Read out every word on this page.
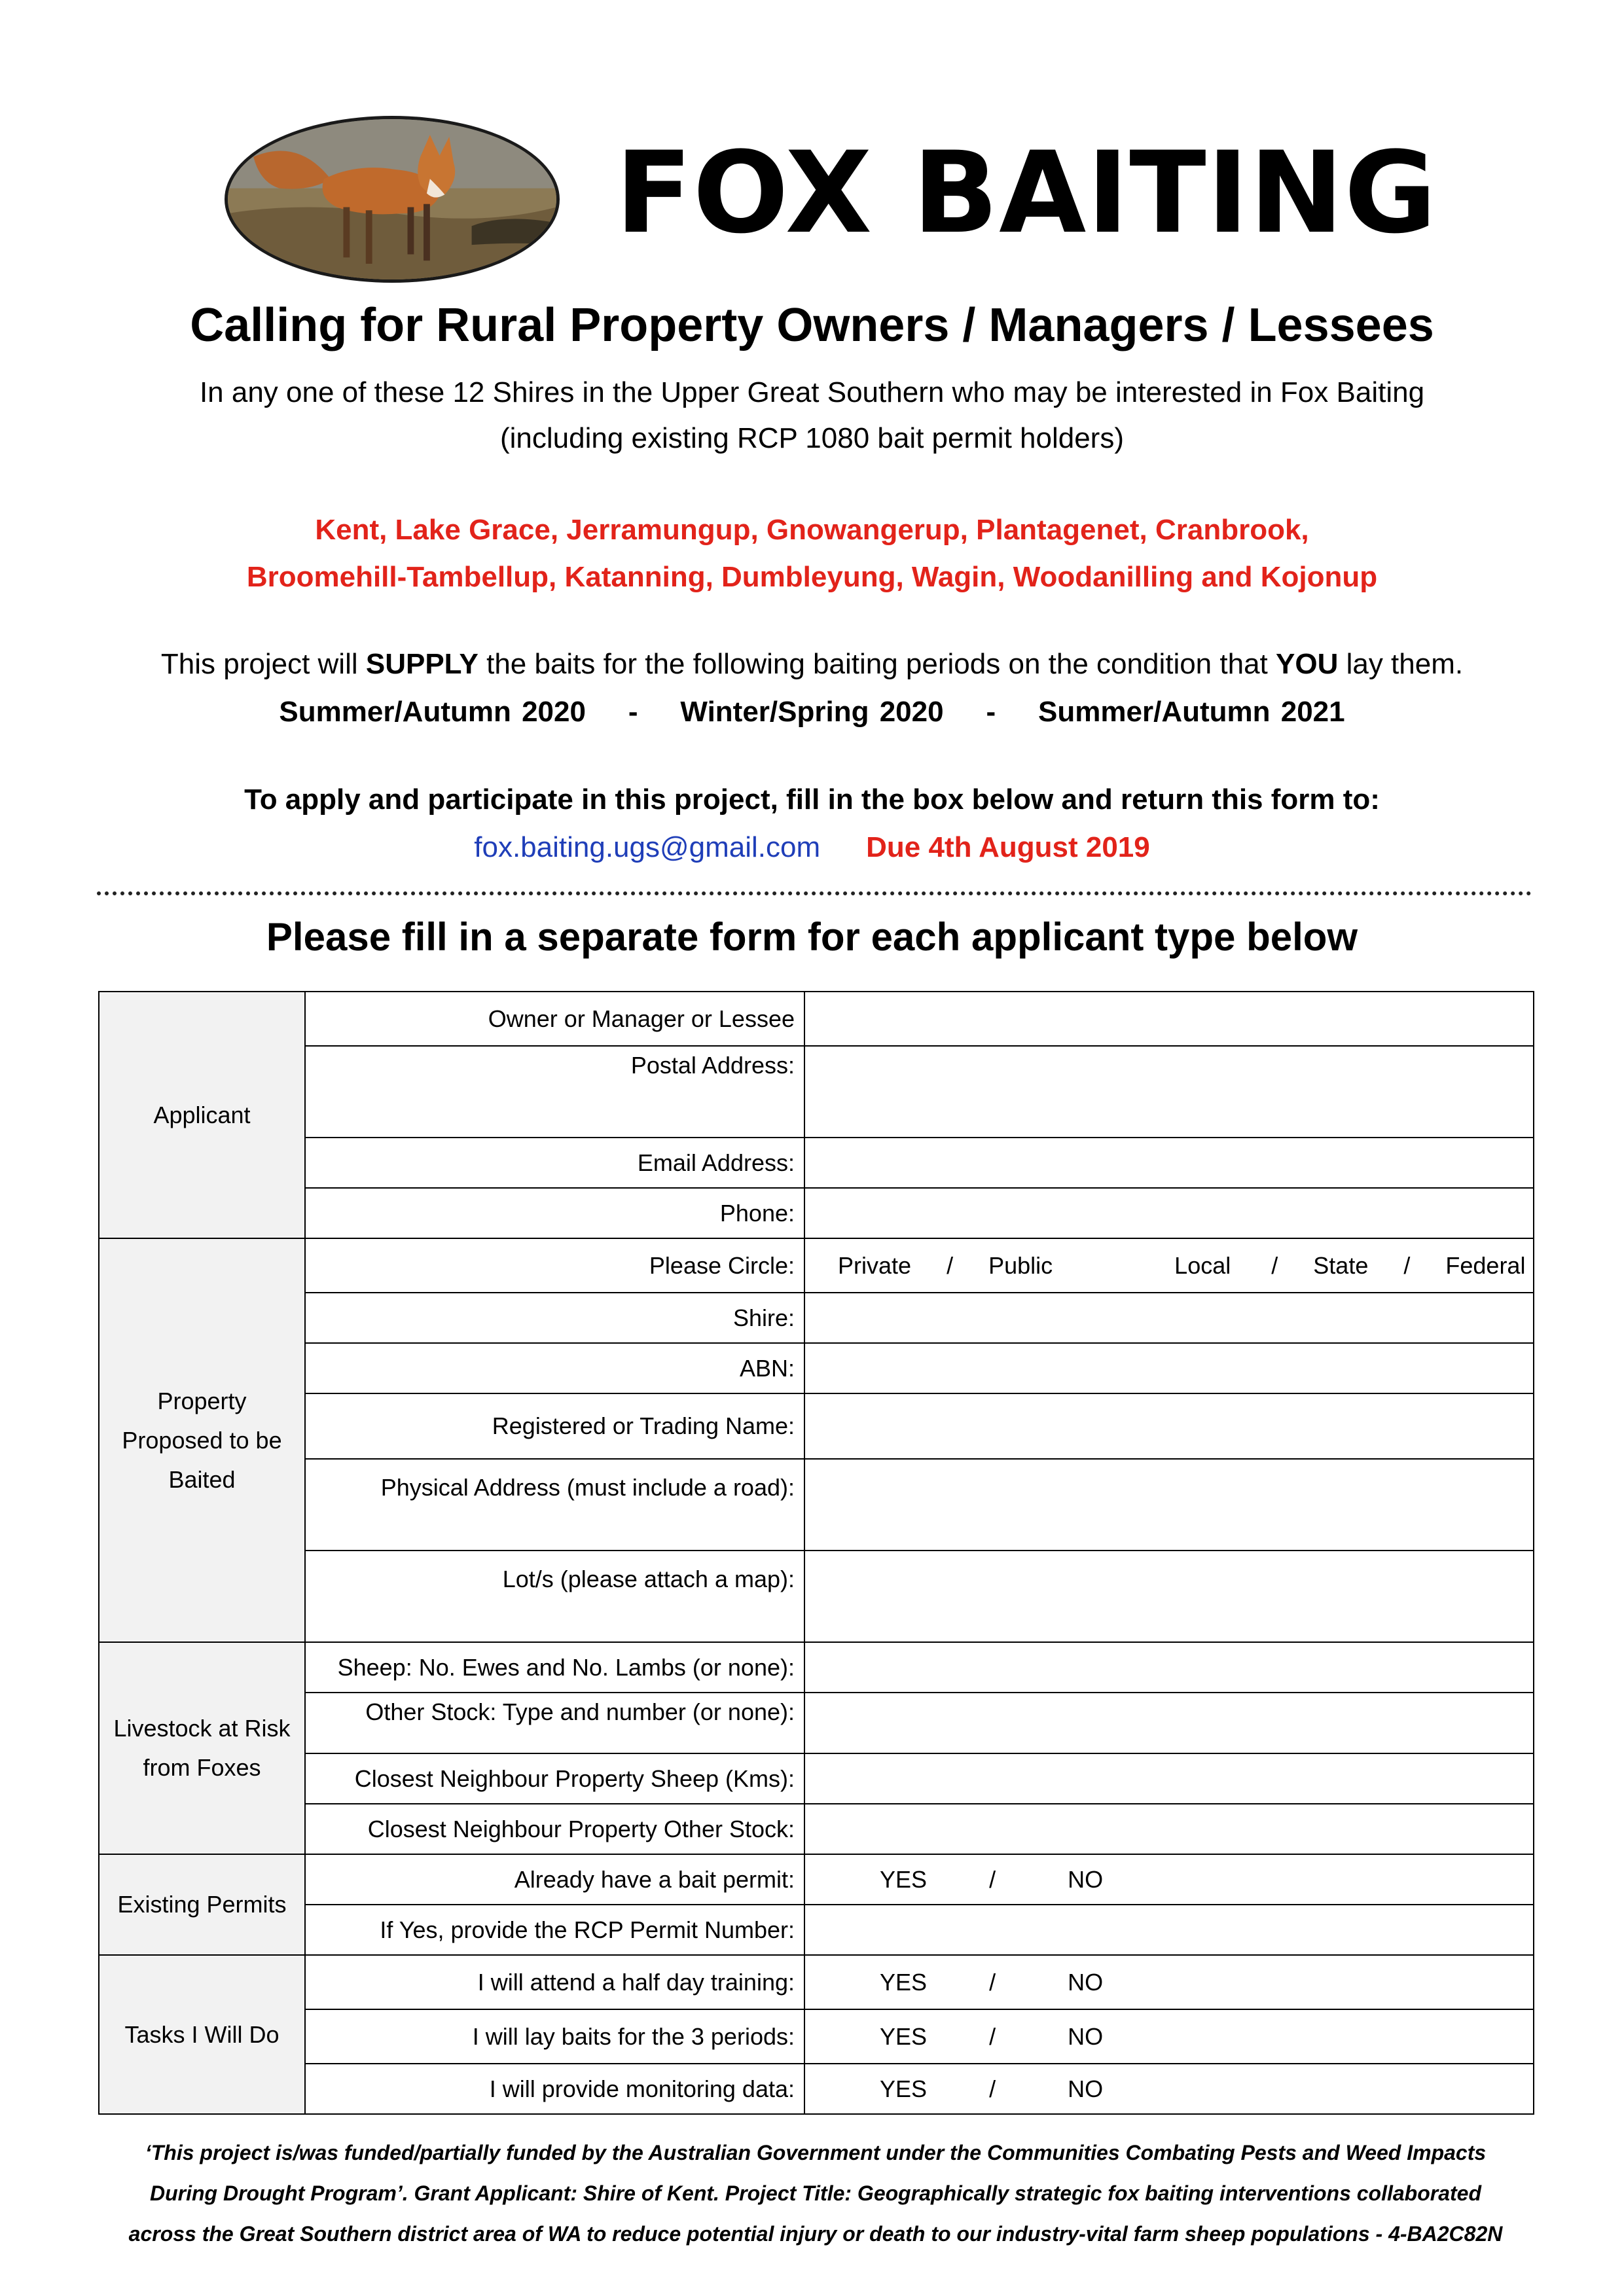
FOX BAITING
Calling for Rural Property Owners / Managers / Lessees
In any one of these 12 Shires in the Upper Great Southern who may be interested in Fox Baiting
(including existing RCP 1080 bait permit holders)
Kent, Lake Grace, Jerramungup, Gnowangerup, Plantagenet, Cranbrook,
Broomehill-Tambellup, Katanning, Dumbleyung, Wagin, Woodanilling and Kojonup
This project will SUPPLY the baits for the following baiting periods on the condition that YOU lay them.
Summer/Autumn 2020 - Winter/Spring 2020 - Summer/Autumn 2021
To apply and participate in this project, fill in the box below and return this form to:
fox.baiting.ugs@gmail.com Due 4th August 2019
Please fill in a separate form for each applicant type below
Applicant	Owner or Manager or Lessee	
	Postal Address:	
	Email Address:	
	Phone:	

Property
Proposed to be
Baited	Please Circle:	Private / Public Local / State / Federal
	Shire:	
	ABN:	
	Registered or Trading Name:	
	Physical Address (must include a road):	
	Lot/s (please attach a map):	

Livestock at Risk
from Foxes	Sheep: No. Ewes and No. Lambs (or none):	
	Other Stock: Type and number (or none):	
	Closest Neighbour Property Sheep (Kms):	
	Closest Neighbour Property Other Stock:	
Existing Permits	Already have a bait permit:	YES / NO
	If Yes, provide the RCP Permit Number:	
Tasks I Will Do	I will attend a half day training:	YES / NO
	I will lay baits for the 3 periods:	YES / NO
	I will provide monitoring data:	YES / NO
‘This project is/was funded/partially funded by the Australian Government under the Communities Combating Pests and Weed Impacts
During Drought Program’. Grant Applicant: Shire of Kent. Project Title: Geographically strategic fox baiting interventions collaborated
across the Great Southern district area of WA to reduce potential injury or death to our industry-vital farm sheep populations - 4-BA2C82N
